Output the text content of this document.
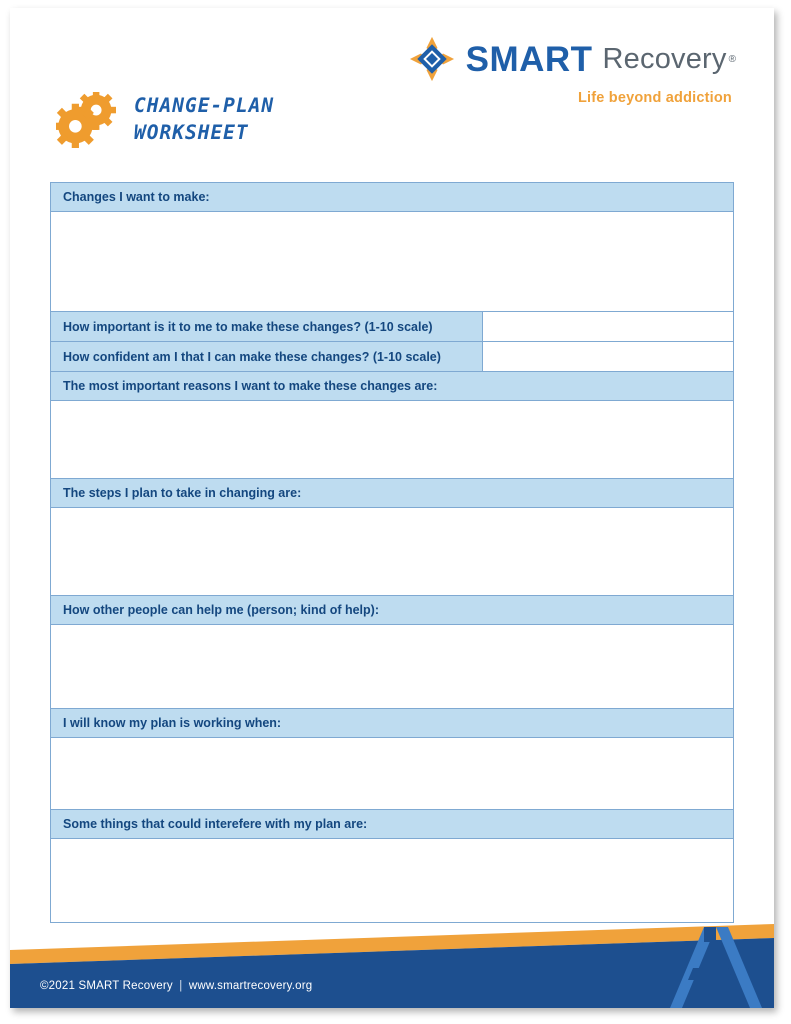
SMART Recovery ®
Life beyond addiction
CHANGE-PLAN
WORKSHEET
Changes I want to make:
How important is it to me to make these changes? (1-10 scale)
How confident am I that I can make these changes? (1-10 scale)
The most important reasons I want to make these changes are:
The steps I plan to take in changing are:
How other people can help me (person; kind of help):
I will know my plan is working when:
Some things that could interefere with my plan are:
©2021 SMART Recovery | www.smartrecovery.org
